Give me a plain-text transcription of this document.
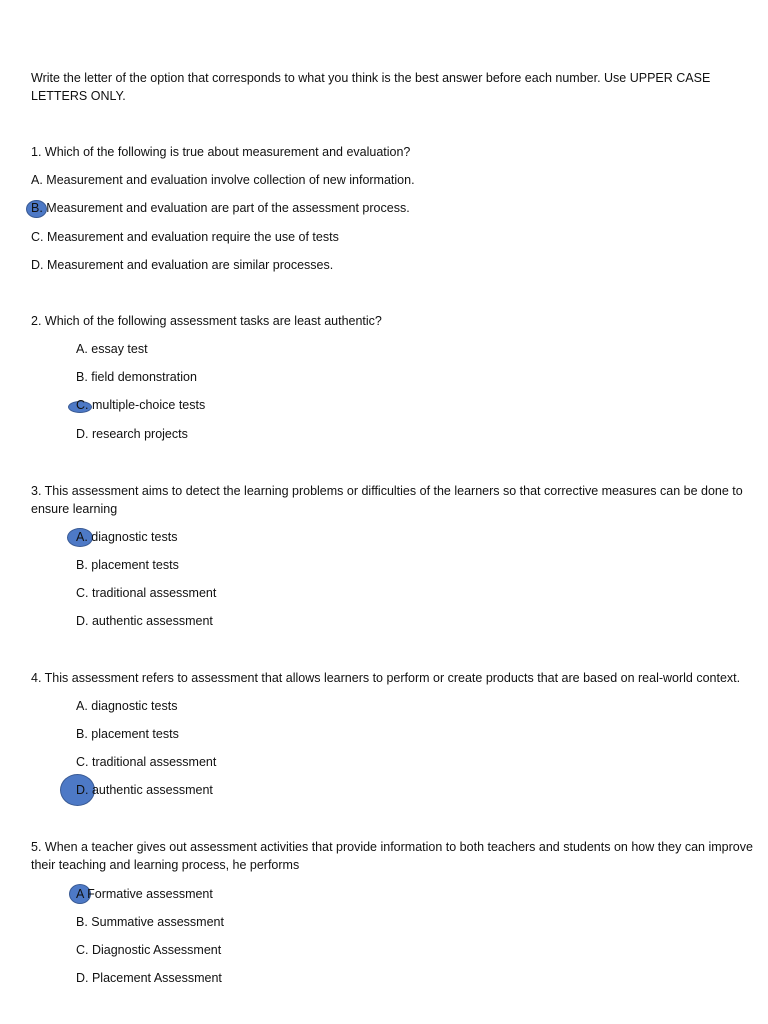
Write the letter of the option that corresponds to what you think is the best answer before each number. Use UPPER CASE LETTERS ONLY.
1. Which of the following is true about measurement and evaluation?
A. Measurement and evaluation involve collection of new information.
B. Measurement and evaluation are part of the assessment process.
C. Measurement and evaluation require the use of tests
D. Measurement and evaluation are similar processes.
2. Which of the following assessment tasks are least authentic?
A. essay test
B. field demonstration
C. multiple-choice tests
D. research projects
3. This assessment aims to detect the learning problems or difficulties of the learners so that corrective measures can be done to ensure learning
A. diagnostic tests
B. placement tests
C. traditional assessment
D. authentic assessment
4. This assessment refers to assessment that allows learners to perform or create products that are based on real-world context.
A. diagnostic tests
B. placement tests
C. traditional assessment
D. authentic assessment
5. When a teacher gives out assessment activities that provide information to both teachers and students on how they can improve their teaching and learning process, he performs
A Formative assessment
B. Summative assessment
C. Diagnostic Assessment
D. Placement Assessment
